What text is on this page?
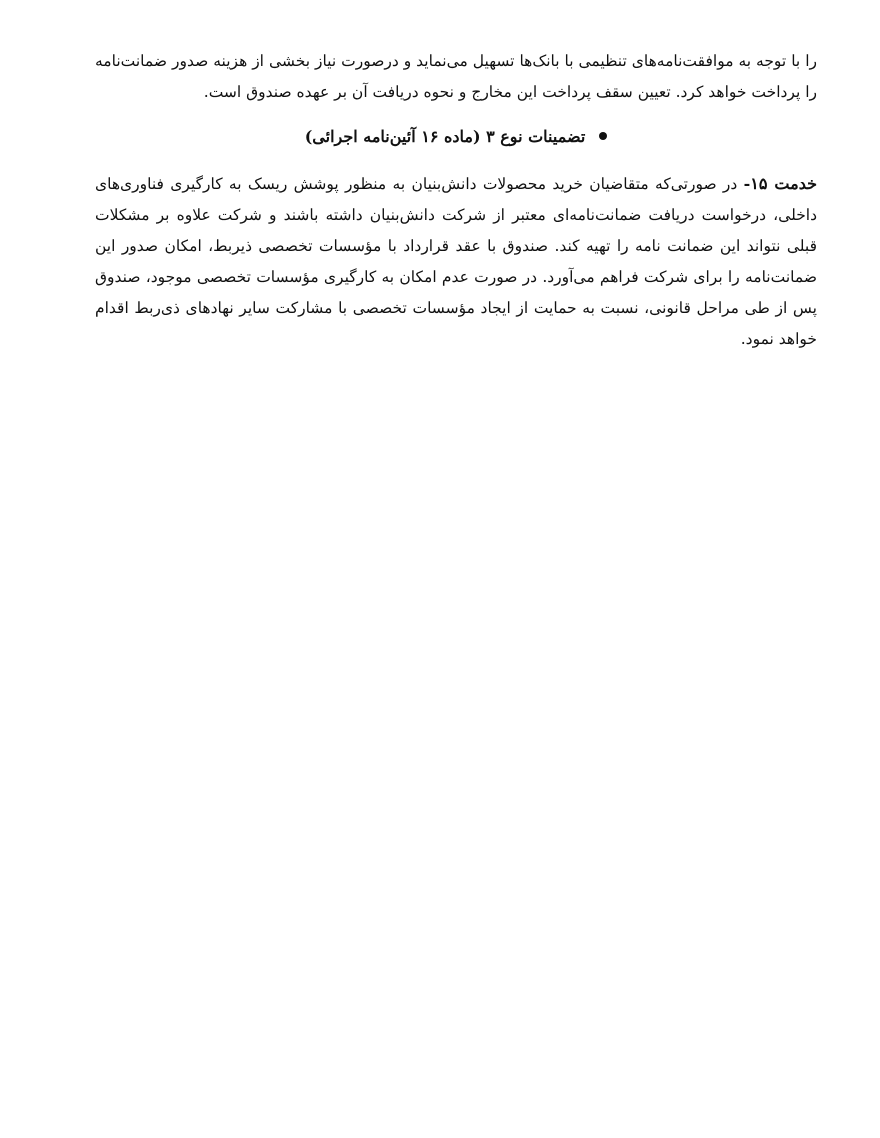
را با توجه به موافقت‌نامه‌های تنظیمی با بانک‌ها تسهیل می‌نماید و درصورت نیاز بخشی از هزینه صدور ضمانت‌نامه را پرداخت خواهد کرد. تعیین سقف پرداخت این مخارج و نحوه دریافت آن بر عهده صندوق است.

تضمینات نوع ۳ (ماده ۱۶ آئین‌نامه اجرائی)

خدمت ۱۵- در صورتی‌که متقاضیان خرید محصولات دانش‌بنیان به منظور پوشش ریسک به کارگیری فناوری‌های داخلی، درخواست دریافت ضمانت‌نامه‌ای معتبر از شرکت دانش‌بنیان داشته باشند و شرکت علاوه بر مشکلات قبلی نتواند این ضمانت نامه را تهیه کند. صندوق با عقد قرارداد با مؤسسات تخصصی ذیربط، امکان صدور این ضمانت‌نامه را برای شرکت فراهم می‌آورد. در صورت عدم امکان به کارگیری مؤسسات تخصصی موجود، صندوق پس از طی مراحل قانونی، نسبت به حمایت از ایجاد مؤسسات تخصصی با مشارکت سایر نهادهای ذی‌ربط اقدام خواهد نمود.
